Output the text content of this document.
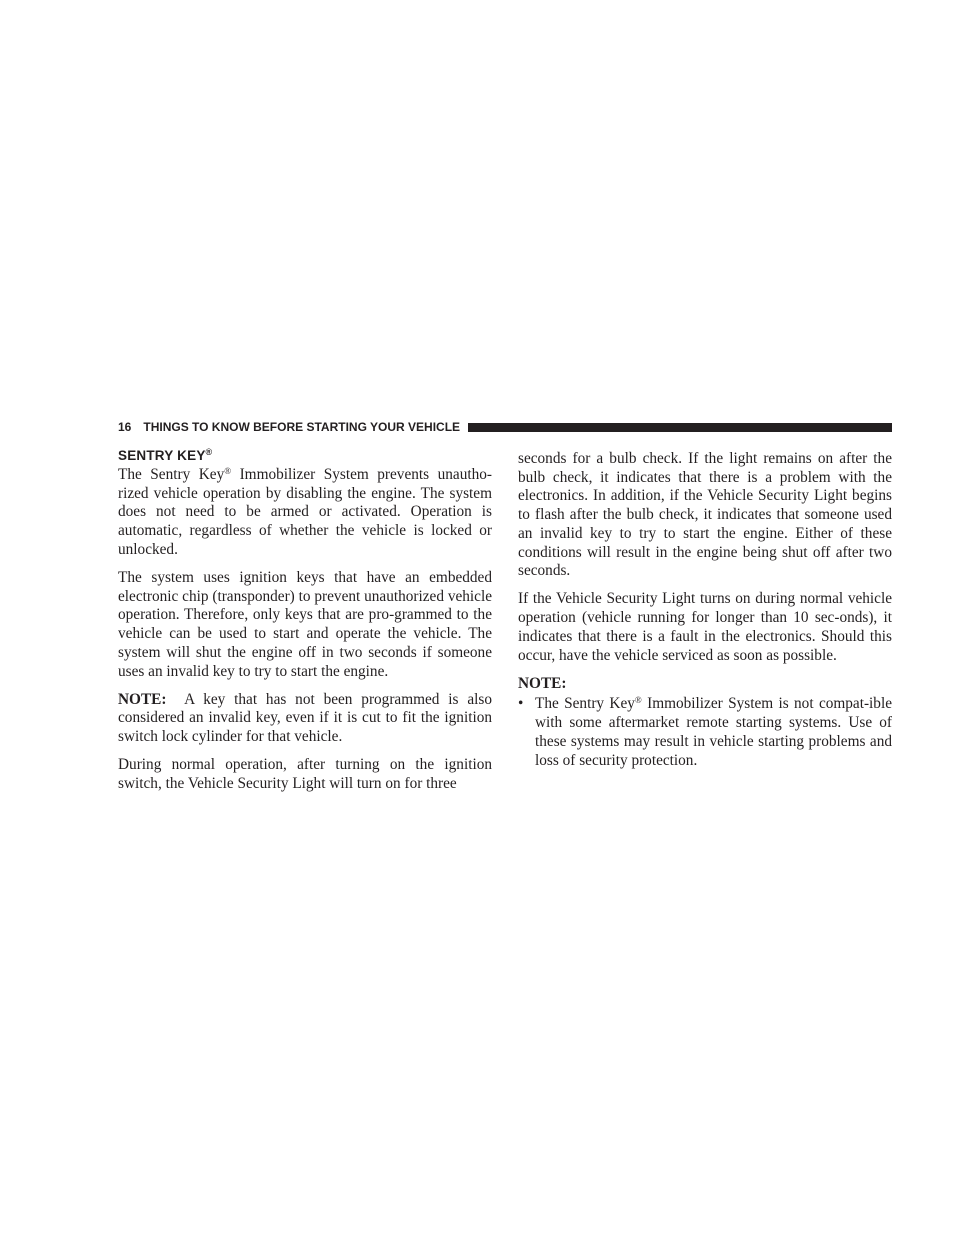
16 THINGS TO KNOW BEFORE STARTING YOUR VEHICLE
SENTRY KEY®

The Sentry Key® Immobilizer System prevents unautho-rized vehicle operation by disabling the engine. The system does not need to be armed or activated. Operation is automatic, regardless of whether the vehicle is locked or unlocked.

The system uses ignition keys that have an embedded electronic chip (transponder) to prevent unauthorized vehicle operation. Therefore, only keys that are pro-grammed to the vehicle can be used to start and operate the vehicle. The system will shut the engine off in two seconds if someone uses an invalid key to try to start the engine.

NOTE: A key that has not been programmed is also considered an invalid key, even if it is cut to fit the ignition switch lock cylinder for that vehicle.

During normal operation, after turning on the ignition switch, the Vehicle Security Light will turn on for three

seconds for a bulb check. If the light remains on after the bulb check, it indicates that there is a problem with the electronics. In addition, if the Vehicle Security Light begins to flash after the bulb check, it indicates that someone used an invalid key to try to start the engine. Either of these conditions will result in the engine being shut off after two seconds.

If the Vehicle Security Light turns on during normal vehicle operation (vehicle running for longer than 10 sec-onds), it indicates that there is a fault in the electronics. Should this occur, have the vehicle serviced as soon as possible.

NOTE:
• The Sentry Key® Immobilizer System is not compat-ible with some aftermarket remote starting systems. Use of these systems may result in vehicle starting problems and loss of security protection.
